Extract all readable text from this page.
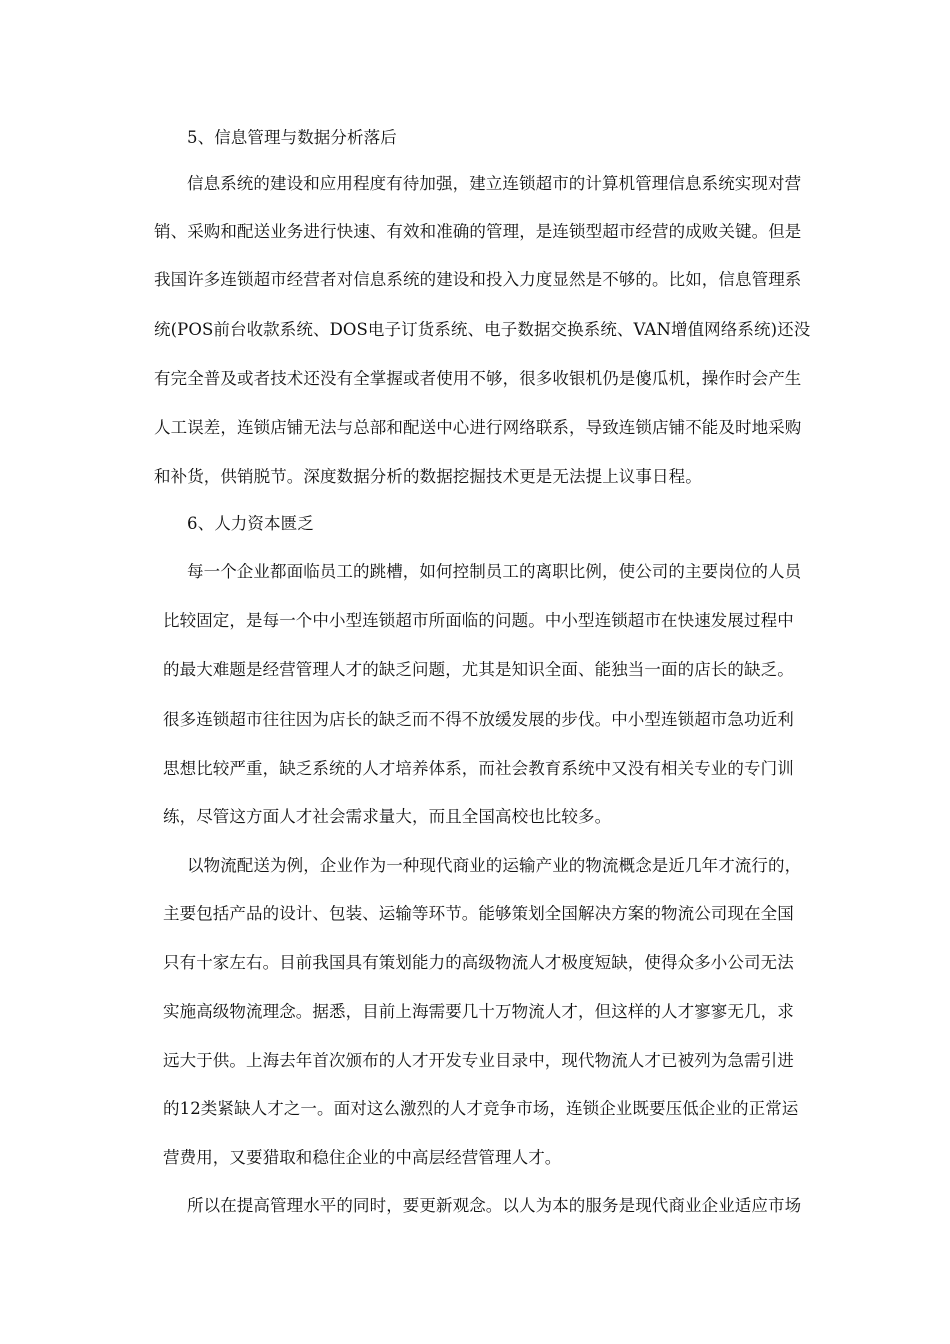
5、信息管理与数据分析落后

信息系统的建设和应用程度有待加强，建立连锁超市的计算机管理信息系统实现对营

销、采购和配送业务进行快速、有效和准确的管理，是连锁型超市经营的成败关键。但是

我国许多连锁超市经营者对信息系统的建设和投入力度显然是不够的。比如，信息管理系

统(POS前台收款系统、DOS电子订货系统、电子数据交换系统、VAN增值网络系统)还没

有完全普及或者技术还没有全掌握或者使用不够，很多收银机仍是傻瓜机，操作时会产生

人工误差，连锁店铺无法与总部和配送中心进行网络联系，导致连锁店铺不能及时地采购

和补货，供销脱节。深度数据分析的数据挖掘技术更是无法提上议事日程。

6、人力资本匮乏

每一个企业都面临员工的跳槽，如何控制员工的离职比例，使公司的主要岗位的人员

比较固定，是每一个中小型连锁超市所面临的问题。中小型连锁超市在快速发展过程中

的最大难题是经营管理人才的缺乏问题，尤其是知识全面、能独当一面的店长的缺乏。

很多连锁超市往往因为店长的缺乏而不得不放缓发展的步伐。中小型连锁超市急功近利

思想比较严重，缺乏系统的人才培养体系，而社会教育系统中又没有相关专业的专门训

练，尽管这方面人才社会需求量大，而且全国高校也比较多。

以物流配送为例，企业作为一种现代商业的运输产业的物流概念是近几年才流行的，

主要包括产品的设计、包装、运输等环节。能够策划全国解决方案的物流公司现在全国

只有十家左右。目前我国具有策划能力的高级物流人才极度短缺，使得众多小公司无法

实施高级物流理念。据悉，目前上海需要几十万物流人才，但这样的人才寥寥无几，求

远大于供。上海去年首次颁布的人才开发专业目录中，现代物流人才已被列为急需引进

的12类紧缺人才之一。面对这么激烈的人才竞争市场，连锁企业既要压低企业的正常运

营费用，又要猎取和稳住企业的中高层经营管理人才。

所以在提高管理水平的同时，要更新观念。以人为本的服务是现代商业企业适应市场
